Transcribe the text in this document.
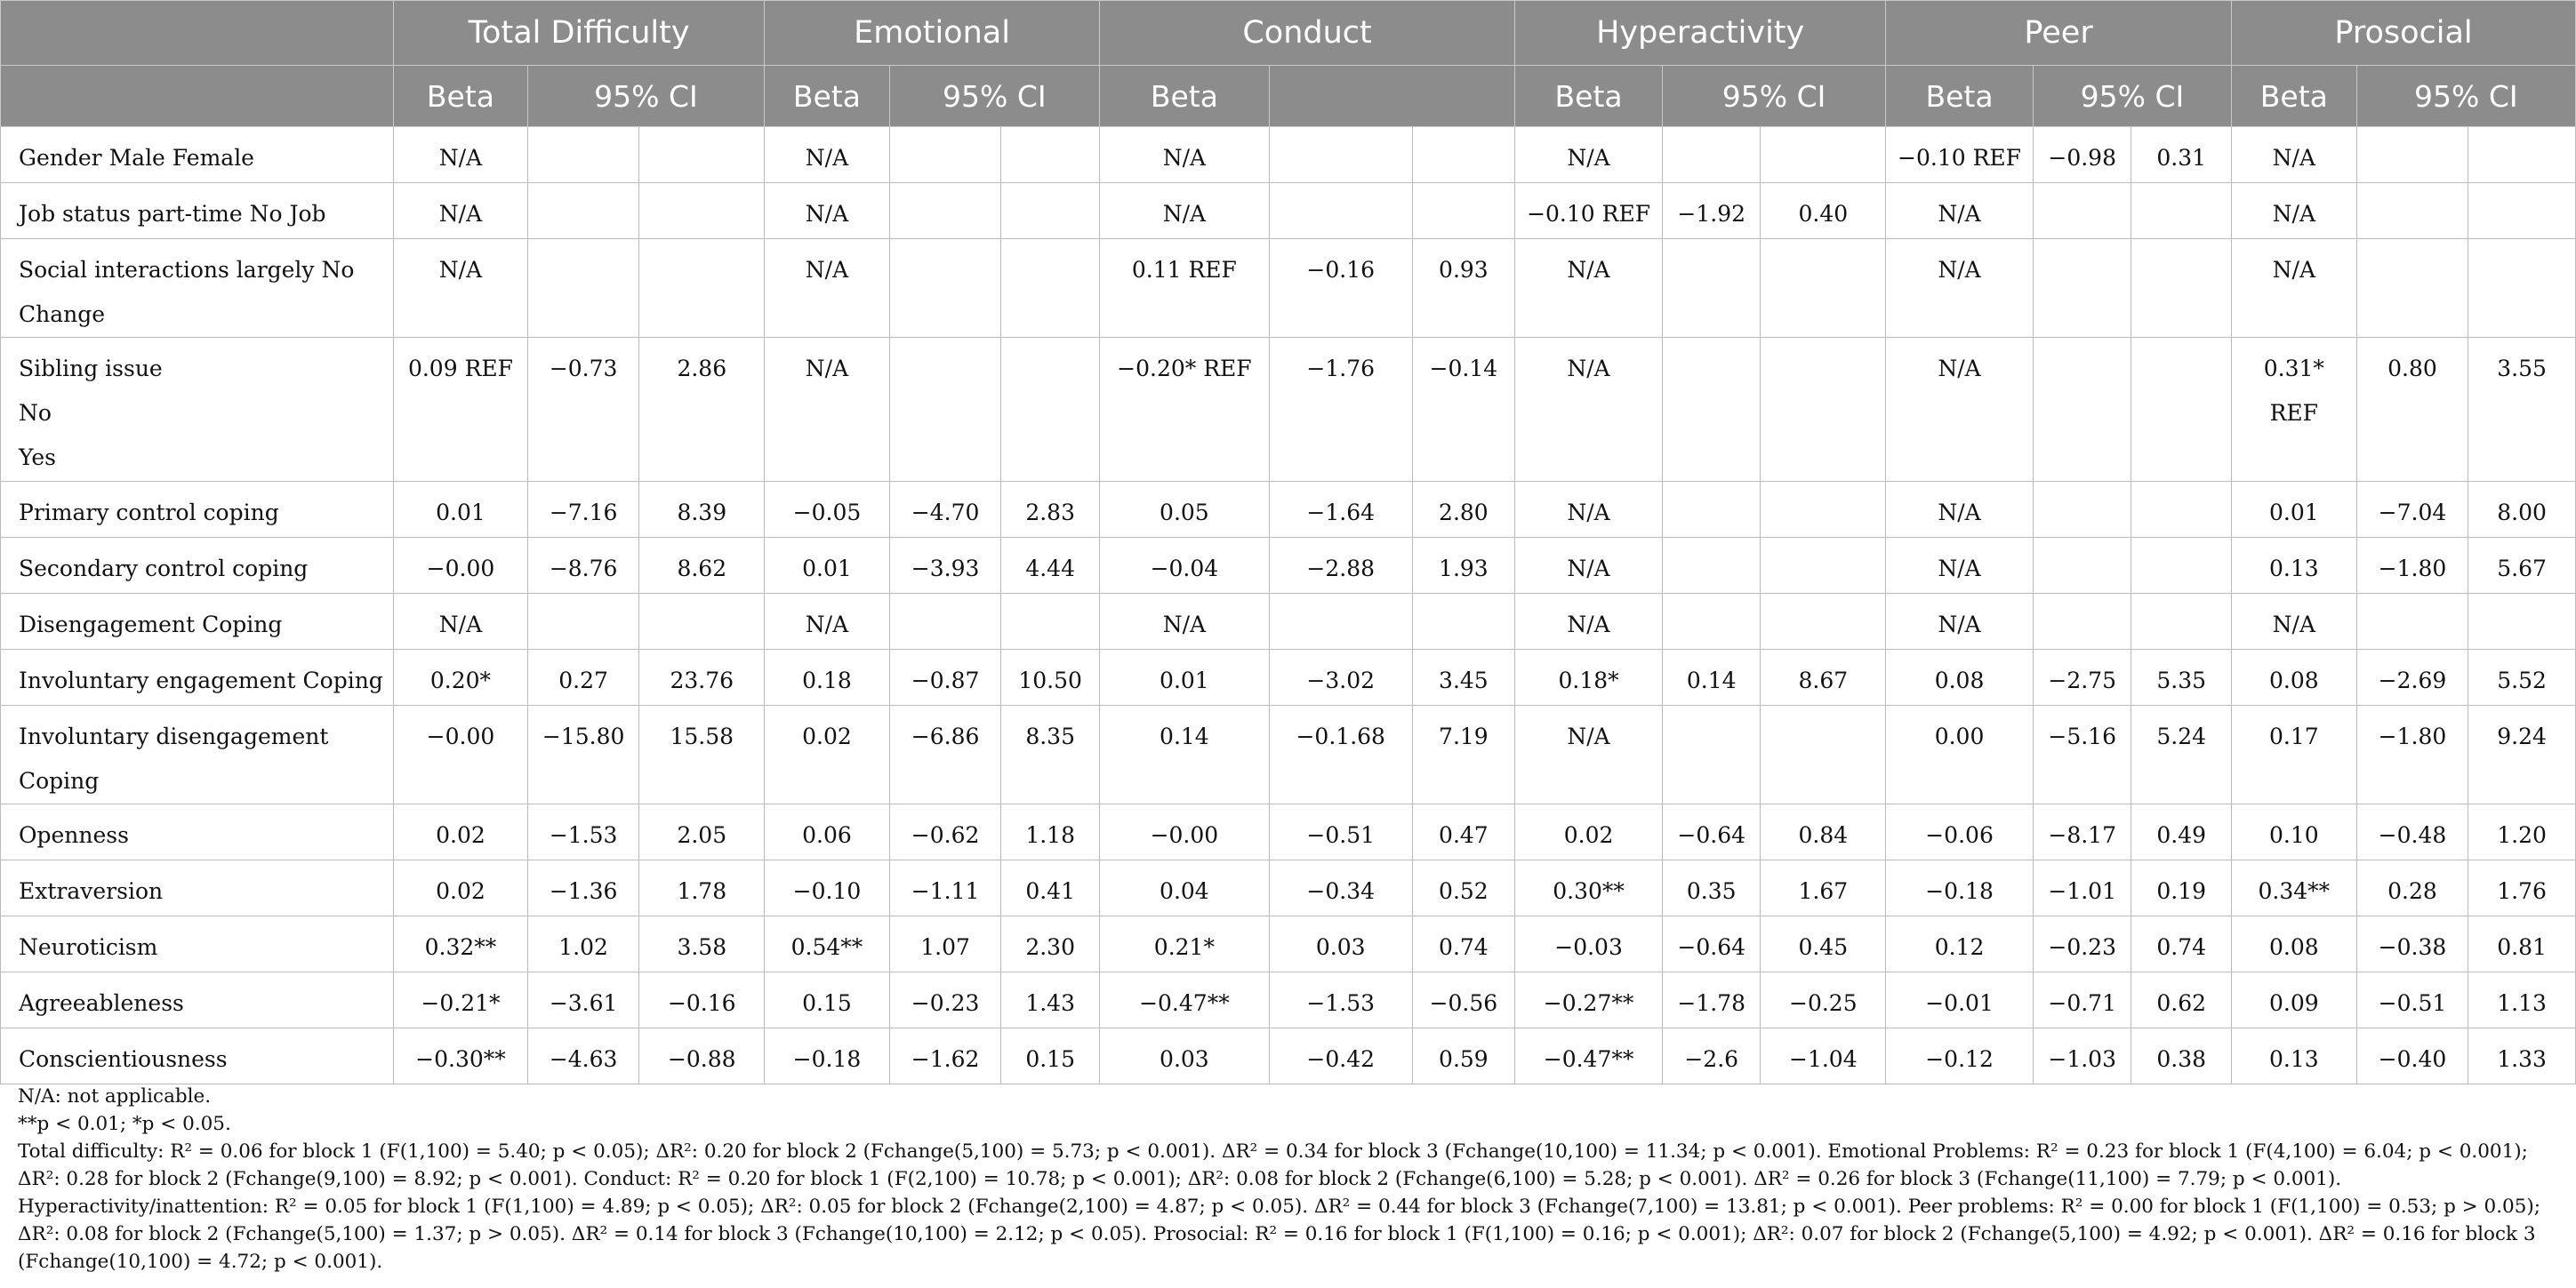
	Total Difficulty			Emotional			Conduct			Hyperactivity			Peer			Prosocial		
	Beta	95% CI		Beta	95% CI		Beta			Beta	95% CI		Beta	95% CI		Beta	95% CI	

Gender Male Female	N/A			N/A			N/A			N/A			−0.10 REF	−0.98	0.31	N/A		

Job status part-time No Job	N/A			N/A			N/A			−0.10 REF	−1.92	0.40	N/A			N/A		

Social interactions largely No
Change	N/A			N/A			0.11 REF	−0.16	0.93	N/A			N/A			N/A		

Sibling issue
No
Yes	0.09 REF	−0.73	2.86	N/A			−0.20* REF	−1.76	−0.14	N/A			N/A			0.31* REF	0.80	3.55

Primary control coping	0.01	−7.16	8.39	−0.05	−4.70	2.83	0.05	−1.64	2.80	N/A			N/A			0.01	−7.04	8.00

Secondary control coping	−0.00	−8.76	8.62	0.01	−3.93	4.44	−0.04	−2.88	1.93	N/A			N/A			0.13	−1.80	5.67

Disengagement Coping	N/A			N/A			N/A			N/A			N/A			N/A		

Involuntary engagement Coping	0.20*	0.27	23.76	0.18	−0.87	10.50	0.01	−3.02	3.45	0.18*	0.14	8.67	0.08	−2.75	5.35	0.08	−2.69	5.52

Involuntary disengagement
Coping	−0.00	−15.80	15.58	0.02	−6.86	8.35	0.14	−0.1.68	7.19	N/A			0.00	−5.16	5.24	0.17	−1.80	9.24

Openness	0.02	−1.53	2.05	0.06	−0.62	1.18	−0.00	−0.51	0.47	0.02	−0.64	0.84	−0.06	−8.17	0.49	0.10	−0.48	1.20

Extraversion	0.02	−1.36	1.78	−0.10	−1.11	0.41	0.04	−0.34	0.52	0.30**	0.35	1.67	−0.18	−1.01	0.19	0.34**	0.28	1.76

Neuroticism	0.32**	1.02	3.58	0.54**	1.07	2.30	0.21*	0.03	0.74	−0.03	−0.64	0.45	0.12	−0.23	0.74	0.08	−0.38	0.81

Agreeableness	−0.21*	−3.61	−0.16	0.15	−0.23	1.43	−0.47**	−1.53	−0.56	−0.27**	−1.78	−0.25	−0.01	−0.71	0.62	0.09	−0.51	1.13

Conscientiousness	−0.30**	−4.63	−0.88	−0.18	−1.62	0.15	0.03	−0.42	0.59	−0.47**	−2.6	−1.04	−0.12	−1.03	0.38	0.13	−0.40	1.33

N/A: not applicable.

**p < 0.01; *p < 0.05.

Total difficulty: R² = 0.06 for block 1 (F(1,100) = 5.40; p < 0.05); ΔR²: 0.20 for block 2 (Fchange(5,100) = 5.73; p < 0.001). ΔR² = 0.34 for block 3 (Fchange(10,100) = 11.34; p < 0.001). Emotional Problems: R² = 0.23 for block 1 (F(4,100) = 6.04; p < 0.001); ΔR²: 0.28 for block 2 (Fchange(9,100) = 8.92; p < 0.001). Conduct: R² = 0.20 for block 1 (F(2,100) = 10.78; p < 0.001); ΔR²: 0.08 for block 2 (Fchange(6,100) = 5.28; p < 0.001). ΔR² = 0.26 for block 3 (Fchange(11,100) = 7.79; p < 0.001). Hyperactivity/inattention: R² = 0.05 for block 1 (F(1,100) = 4.89; p < 0.05); ΔR²: 0.05 for block 2 (Fchange(2,100) = 4.87; p < 0.05). ΔR² = 0.44 for block 3 (Fchange(7,100) = 13.81; p < 0.001). Peer problems: R² = 0.00 for block 1 (F(1,100) = 0.53; p > 0.05); ΔR²: 0.08 for block 2 (Fchange(5,100) = 1.37; p > 0.05). ΔR² = 0.14 for block 3 (Fchange(10,100) = 2.12; p < 0.05). Prosocial: R² = 0.16 for block 1 (F(1,100) = 0.16; p < 0.001); ΔR²: 0.07 for block 2 (Fchange(5,100) = 4.92; p < 0.001). ΔR² = 0.16 for block 3 (Fchange(10,100) = 4.72; p < 0.001).
